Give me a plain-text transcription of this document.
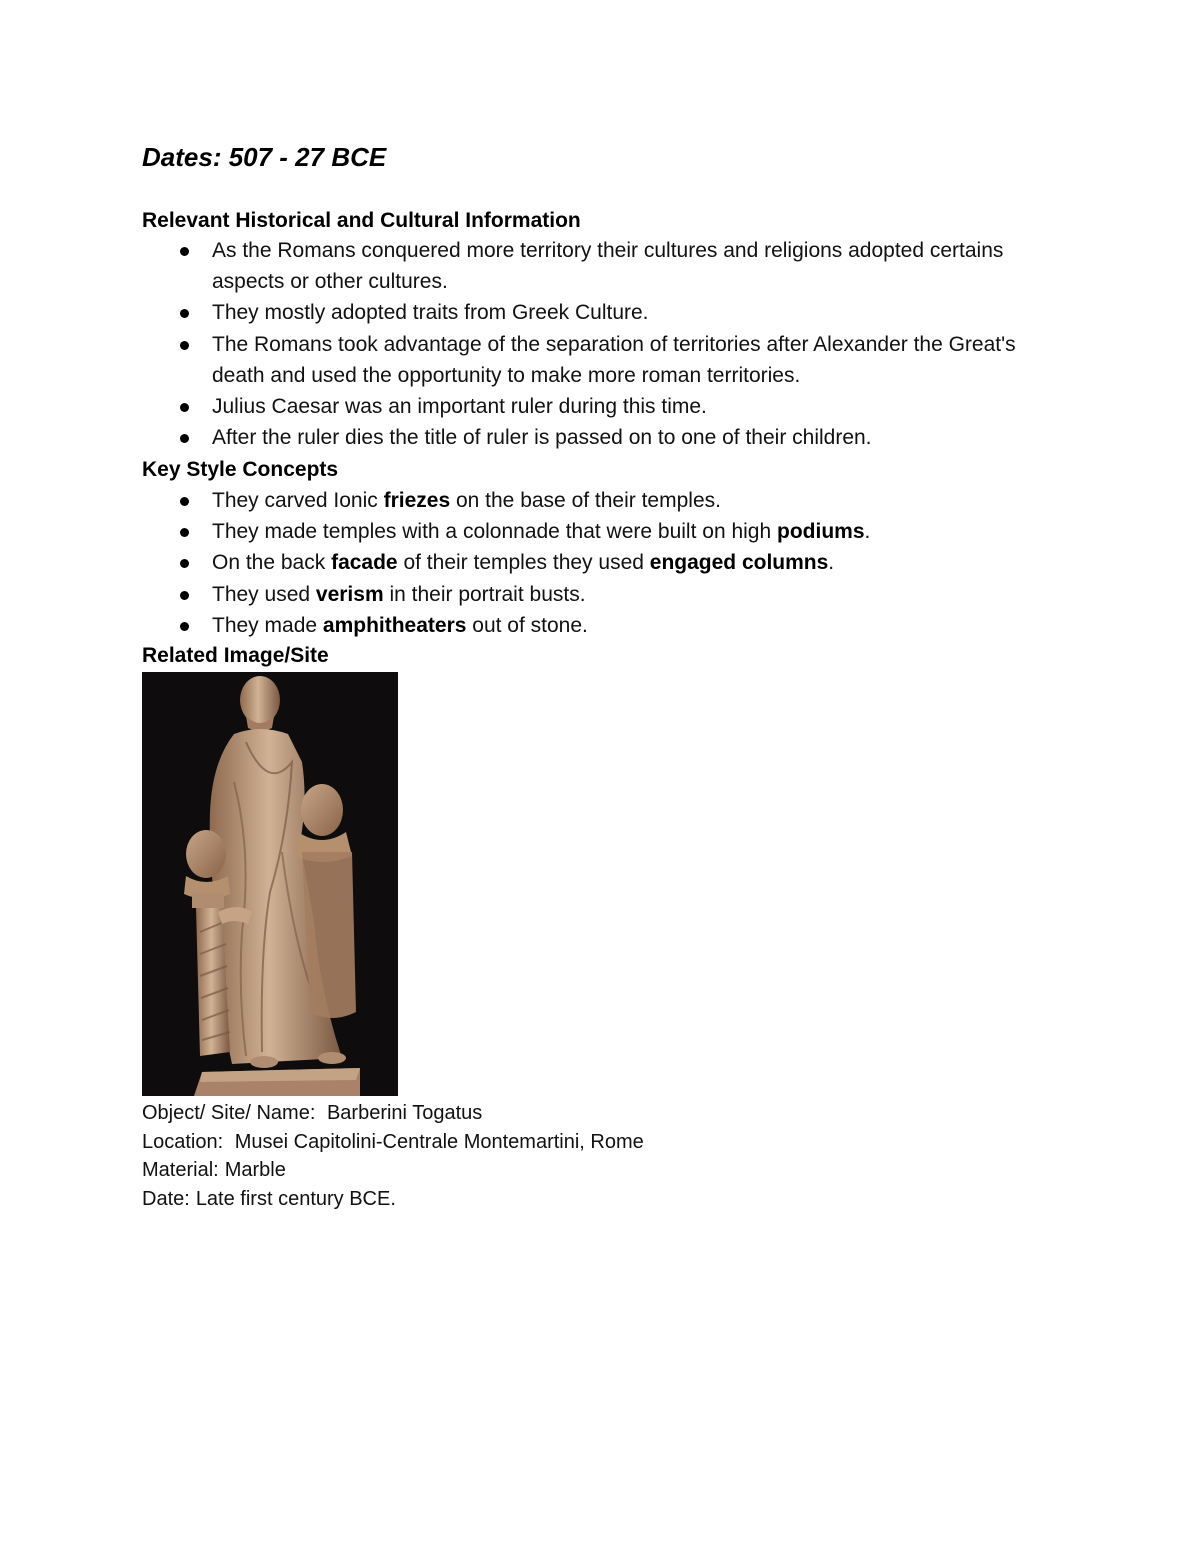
Dates: 507 - 27 BCE
Relevant Historical and Cultural Information
As the Romans conquered more territory their cultures and religions adopted certains aspects or other cultures.
They mostly adopted traits from Greek Culture.
The Romans took advantage of the separation of territories after Alexander the Great's death and used the opportunity to make more roman territories.
Julius Caesar was an important ruler during this time.
After the ruler dies the title of ruler is passed on to one of their children.
Key Style Concepts
They carved Ionic friezes on the base of their temples.
They made temples with a colonnade that were built on high podiums.
On the back facade of their temples they used engaged columns.
They used verism in their portrait busts.
They made amphitheaters out of stone.
Related Image/Site
Object/ Site/ Name: Barberini Togatus
Location: Musei Capitolini-Centrale Montemartini, Rome
Material: Marble
Date: Late first century BCE.
